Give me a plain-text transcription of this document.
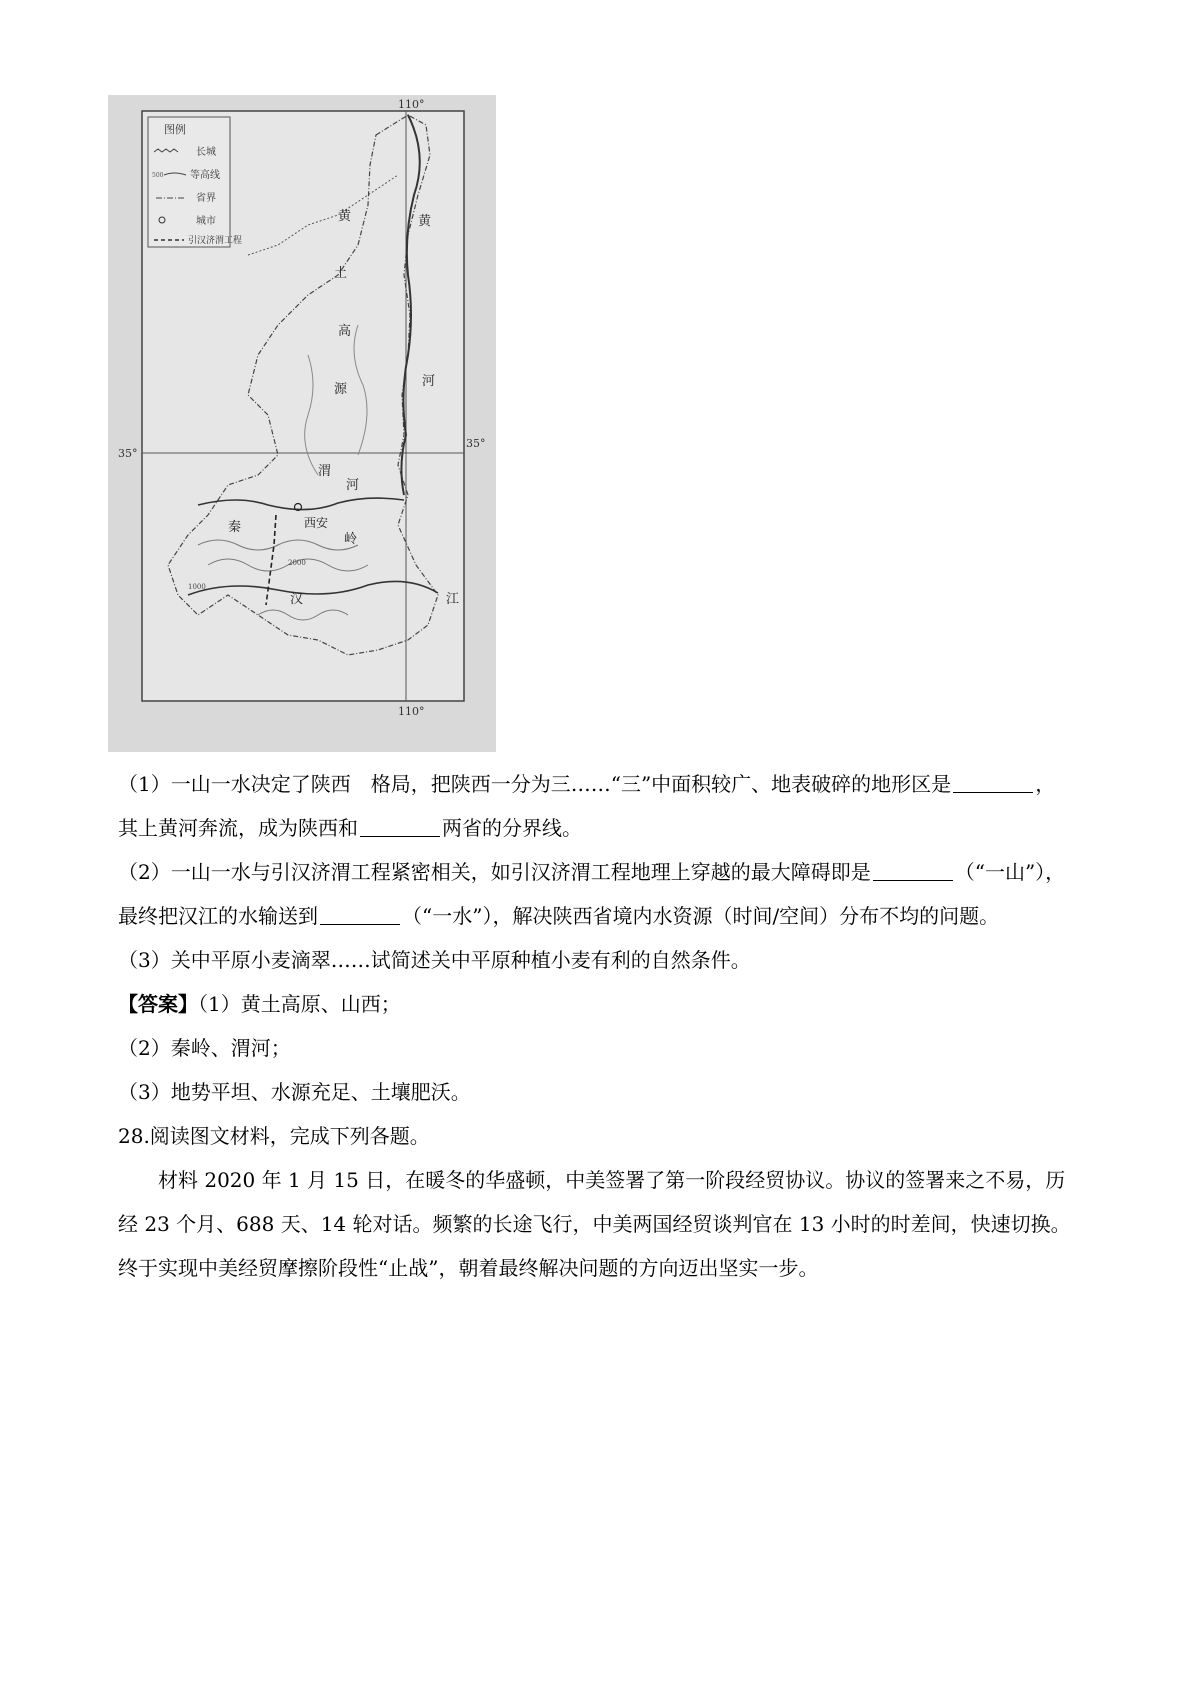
110°
110°
35°
35°
图例
长城
500	等高线
省界
城市
引汉济渭工程
黄
土
高
源
黄
河
渭
河
西安
秦
岭
汉	江
1000
2000
（1）一山一水决定了陕西　格局，把陕西一分为三……“三”中面积较广、地表破碎的地形区是	，
其上黄河奔流，成为陕西和	两省的分界线。
（2）一山一水与引汉济渭工程紧密相关，如引汉济渭工程地理上穿越的最大障碍即是	（“一山”），
最终把汉江的水输送到	（“一水”），解决陕西省境内水资源（时间/空间）分布不均的问题。
（3）关中平原小麦滴翠……试简述关中平原种植小麦有利的自然条件。
【答案】（1）黄土高原、山西；
（2）秦岭、渭河；
（3）地势平坦、水源充足、土壤肥沃。
28.阅读图文材料，完成下列各题。
材料 2020 年 1 月 15 日，在暖冬的华盛顿，中美签署了第一阶段经贸协议。协议的签署来之不易，历
经 23 个月、688 天、14 轮对话。频繁的长途飞行，中美两国经贸谈判官在 13 小时的时差间，快速切换。
终于实现中美经贸摩擦阶段性“止战”，朝着最终解决问题的方向迈出坚实一步。
